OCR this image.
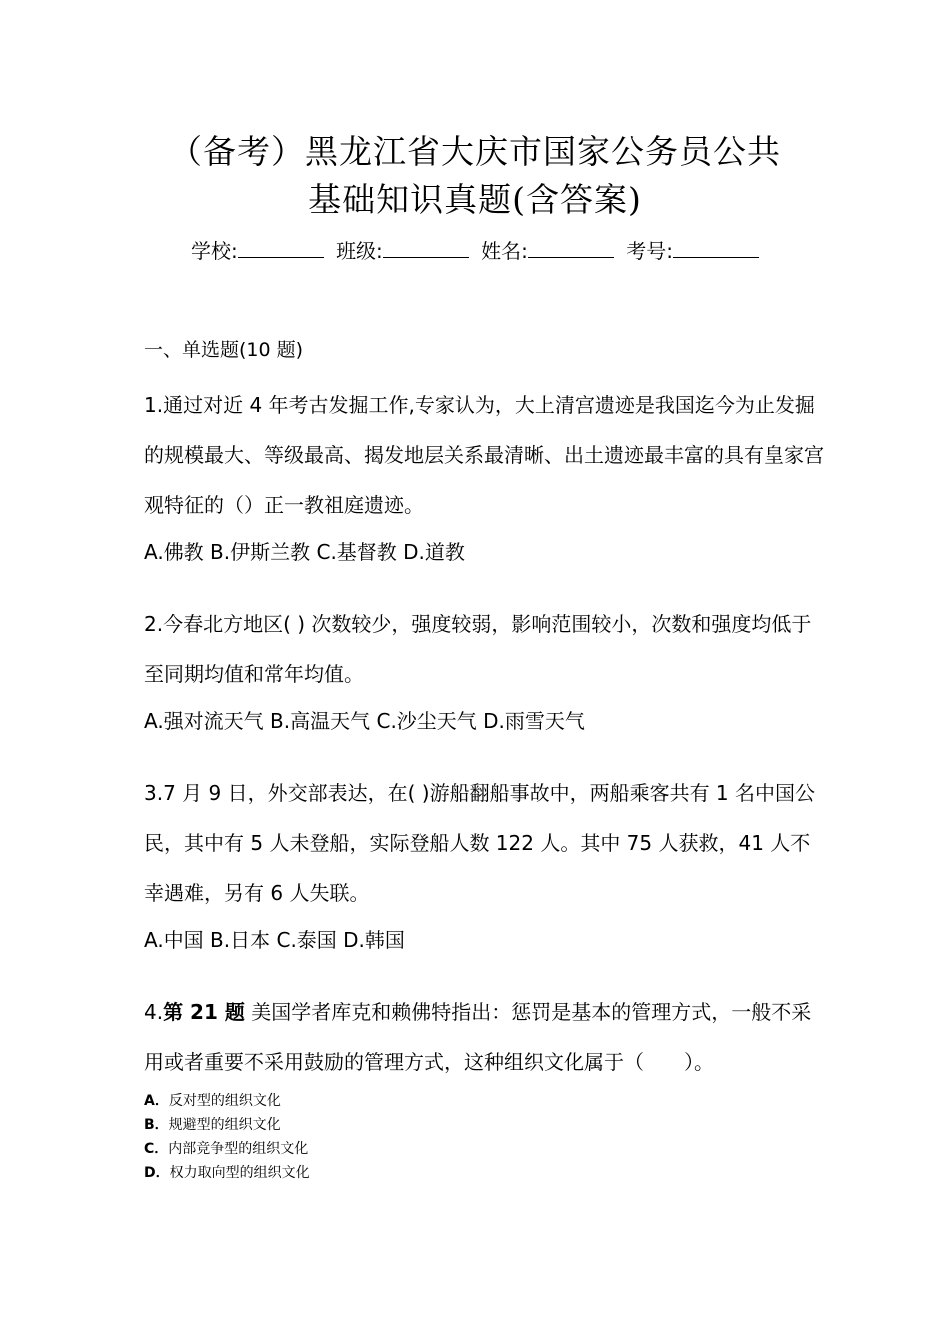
（备考）黑龙江省大庆市国家公务员公共
基础知识真题(含答案)
学校:	班级:	姓名:	考号:
一、单选题(10 题)

1.通过对近 4 年考古发掘工作,专家认为，大上清宫遗迹是我国迄今为止发掘的规模最大、等级最高、揭发地层关系最清晰、出土遗迹最丰富的具有皇家宫观特征的（）正一教祖庭遗迹。

A.佛教 B.伊斯兰教 C.基督教 D.道教

2.今春北方地区( ) 次数较少，强度较弱，影响范围较小，次数和强度均低于至同期均值和常年均值。

A.强对流天气 B.高温天气 C.沙尘天气 D.雨雪天气

3.7 月 9 日，外交部表达，在( )游船翻船事故中，两船乘客共有 1 名中国公民，其中有 5 人未登船，实际登船人数 122 人。其中 75 人获救，41 人不幸遇难，另有 6 人失联。

A.中国 B.日本 C.泰国 D.韩国

4.第 21 题 美国学者库克和赖佛特指出：惩罚是基本的管理方式，一般不采用或者重要不采用鼓励的管理方式，这种组织文化属于（　　）。

A．反对型的组织文化
B．规避型的组织文化
C．内部竞争型的组织文化
D．权力取向型的组织文化
